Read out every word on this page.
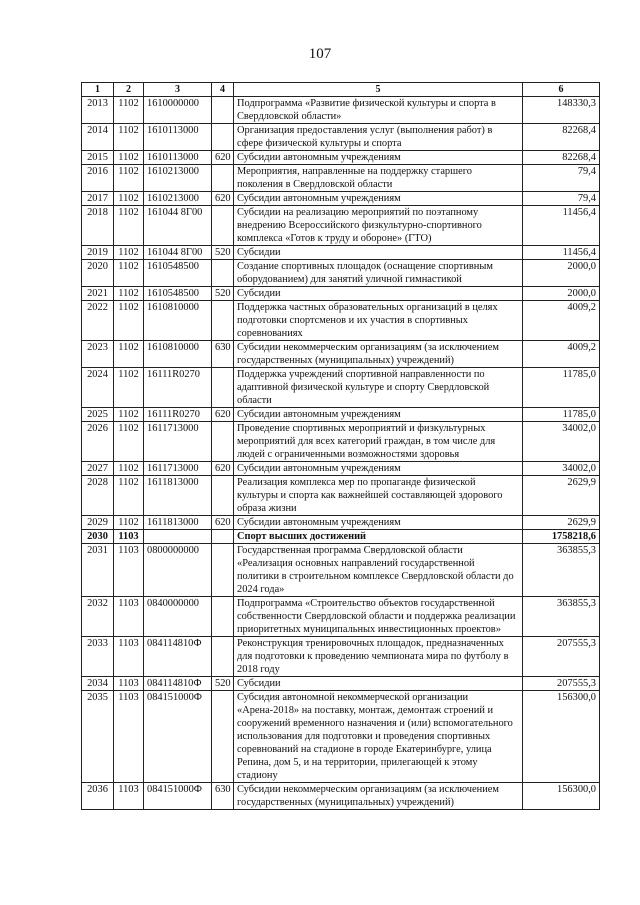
107
1	2	3	4	5	6
2013	1102	1610000000		Подпрограмма «Развитие физической культуры и спорта в Свердловской области»	148330,3
2014	1102	1610113000		Организация предоставления услуг (выполнения работ) в сфере физической культуры и спорта	82268,4
2015	1102	1610113000	620	Субсидии автономным учреждениям	82268,4
2016	1102	1610213000		Мероприятия, направленные на поддержку старшего поколения в Свердловской области	79,4
2017	1102	1610213000	620	Субсидии автономным учреждениям	79,4
2018	1102	161044 8Г00		Субсидии на реализацию мероприятий по поэтапному внедрению Всероссийского физкультурно-спортивного комплекса «Готов к труду и обороне» (ГТО)	11456,4
2019	1102	161044 8Г00	520	Субсидии	11456,4
2020	1102	1610548500		Создание спортивных площадок (оснащение спортивным оборудованием) для занятий уличной гимнастикой	2000,0
2021	1102	1610548500	520	Субсидии	2000,0
2022	1102	1610810000		Поддержка частных образовательных организаций в целях подготовки спортсменов и их участия в спортивных соревнованиях	4009,2
2023	1102	1610810000	630	Субсидии некоммерческим организациям (за исключением государственных (муниципальных) учреждений)	4009,2
2024	1102	16111R0270		Поддержка учреждений спортивной направленности по адаптивной физической культуре и спорту Свердловской области	11785,0
2025	1102	16111R0270	620	Субсидии автономным учреждениям	11785,0
2026	1102	1611713000		Проведение спортивных мероприятий и физкультурных мероприятий для всех категорий граждан, в том числе для людей с ограниченными возможностями здоровья	34002,0
2027	1102	1611713000	620	Субсидии автономным учреждениям	34002,0
2028	1102	1611813000		Реализация комплекса мер по пропаганде физической культуры и спорта как важнейшей составляющей здорового образа жизни	2629,9
2029	1102	1611813000	620	Субсидии автономным учреждениям	2629,9
2030	1103			Спорт высших достижений	1758218,6
2031	1103	0800000000		Государственная программа Свердловской области «Реализация основных направлений государственной политики в строительном комплексе Свердловской области до 2024 года»	363855,3
2032	1103	0840000000		Подпрограмма «Строительство объектов государственной собственности Свердловской области и поддержка реализации приоритетных муниципальных инвестиционных проектов»	363855,3
2033	1103	084114810Ф		Реконструкция тренировочных площадок, предназначенных для подготовки к проведению чемпионата мира по футболу в 2018 году	207555,3
2034	1103	084114810Ф	520	Субсидии	207555,3
2035	1103	084151000Ф		Субсидия автономной некоммерческой организации «Арена-2018» на поставку, монтаж, демонтаж строений и сооружений временного назначения и (или) вспомогательного использования для подготовки и проведения спортивных соревнований на стадионе в городе Екатеринбурге, улица Репина, дом 5, и на территории, прилегающей к этому стадиону	156300,0
2036	1103	084151000Ф	630	Субсидии некоммерческим организациям (за исключением государственных (муниципальных) учреждений)	156300,0
